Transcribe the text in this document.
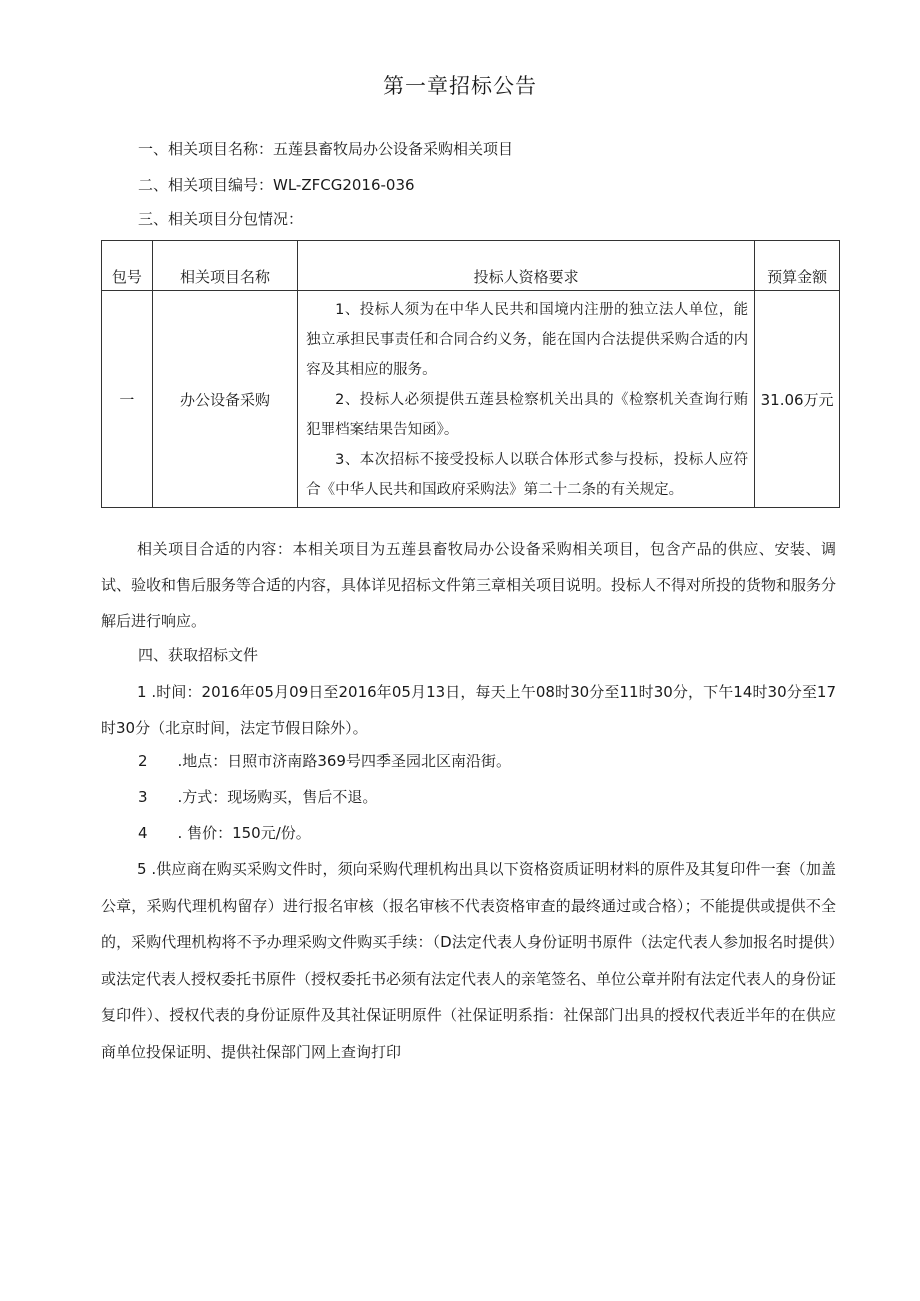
第一章招标公告
一、相关项目名称：五莲县畜牧局办公设备采购相关项目
二、相关项目编号：WL-ZFCG2016-036
三、相关项目分包情况：
包号	相关项目名称	投标人资格要求	预算金额
一	办公设备采购	1、投标人须为在中华人民共和国境内注册的独立法人单位，能独立承担民事责任和合同合约义务，能在国内合法提供采购合适的内容及其相应的服务。

2、投标人必须提供五莲县检察机关出具的《检察机关查询行贿犯罪档案结果告知函》。

3、本次招标不接受投标人以联合体形式参与投标，投标人应符合《中华人民共和国政府采购法》第二十二条的有关规定。	31.06万元
相关项目合适的内容：本相关项目为五莲县畜牧局办公设备采购相关项目，包含产品的供应、安装、调试、验收和售后服务等合适的内容，具体详见招标文件第三章相关项目说明。投标人不得对所投的货物和服务分解后进行响应。
四、获取招标文件
1 .时间：2016年05月09日至2016年05月13日，每天上午08时30分至11时30分，下午14时30分至17时30分（北京时间，法定节假日除外）。
2　　.地点：日照市济南路369号四季圣园北区南沿街。
3　　.方式：现场购买，售后不退。
4　　. 售价：150元/份。
5 .供应商在购买采购文件时，须向采购代理机构出具以下资格资质证明材料的原件及其复印件一套（加盖公章，采购代理机构留存）进行报名审核（报名审核不代表资格审查的最终通过或合格）；不能提供或提供不全的，采购代理机构将不予办理采购文件购买手续：（D法定代表人身份证明书原件（法定代表人参加报名时提供）或法定代表人授权委托书原件（授权委托书必须有法定代表人的亲笔签名、单位公章并附有法定代表人的身份证复印件）、授权代表的身份证原件及其社保证明原件（社保证明系指：社保部门出具的授权代表近半年的在供应商单位投保证明、提供社保部门网上查询打印
